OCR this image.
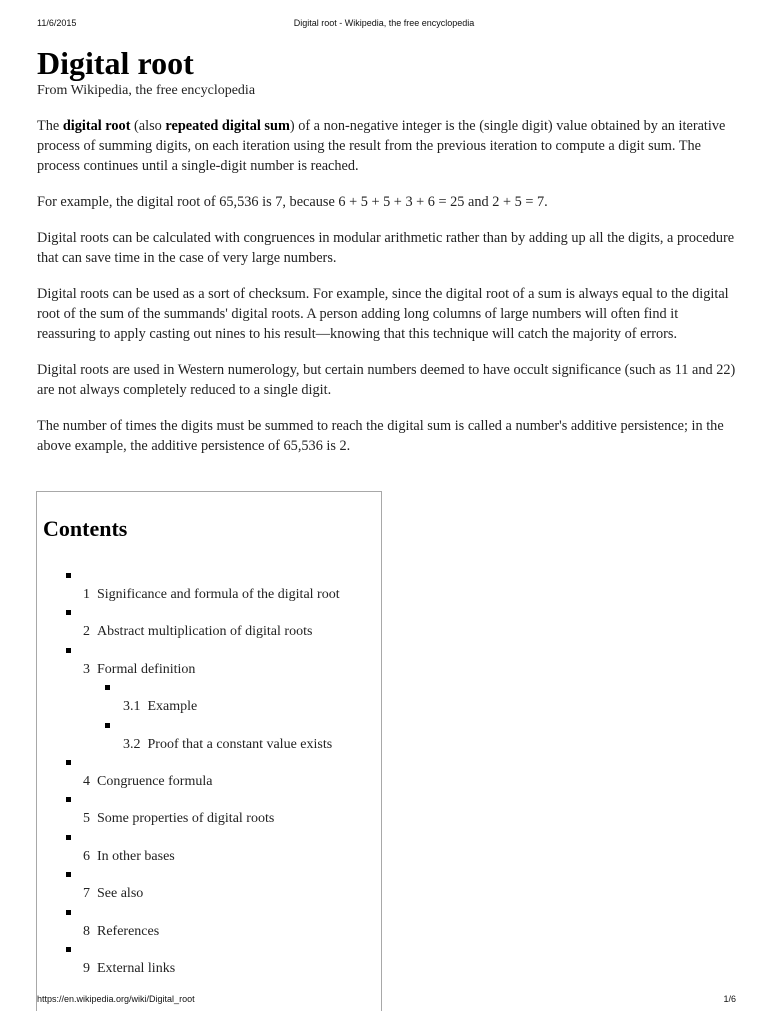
11/6/2015	Digital root - Wikipedia, the free encyclopedia
Digital root
From Wikipedia, the free encyclopedia

The digital root (also repeated digital sum) of a non-negative integer is the (single digit) value obtained by an iterative process of summing digits, on each iteration using the result from the previous iteration to compute a digit sum. The process continues until a single-digit number is reached.

For example, the digital root of 65,536 is 7, because 6 + 5 + 5 + 3 + 6 = 25 and 2 + 5 = 7.

Digital roots can be calculated with congruences in modular arithmetic rather than by adding up all the digits, a procedure that can save time in the case of very large numbers.

Digital roots can be used as a sort of checksum. For example, since the digital root of a sum is always equal to the digital root of the sum of the summands' digital roots. A person adding long columns of large numbers will often find it reassuring to apply casting out nines to his result—knowing that this technique will catch the majority of errors.

Digital roots are used in Western numerology, but certain numbers deemed to have occult significance (such as 11 and 22) are not always completely reduced to a single digit.

The number of times the digits must be summed to reach the digital sum is called a number's additive persistence; in the above example, the additive persistence of 65,536 is 2.

Contents
1 Significance and formula of the digital root
2 Abstract multiplication of digital roots
3 Formal definition
3.1 Example
3.2 Proof that a constant value exists
4 Congruence formula
5 Some properties of digital roots
6 In other bases
7 See also
8 References
9 External links
https://en.wikipedia.org/wiki/Digital_root	1/6
